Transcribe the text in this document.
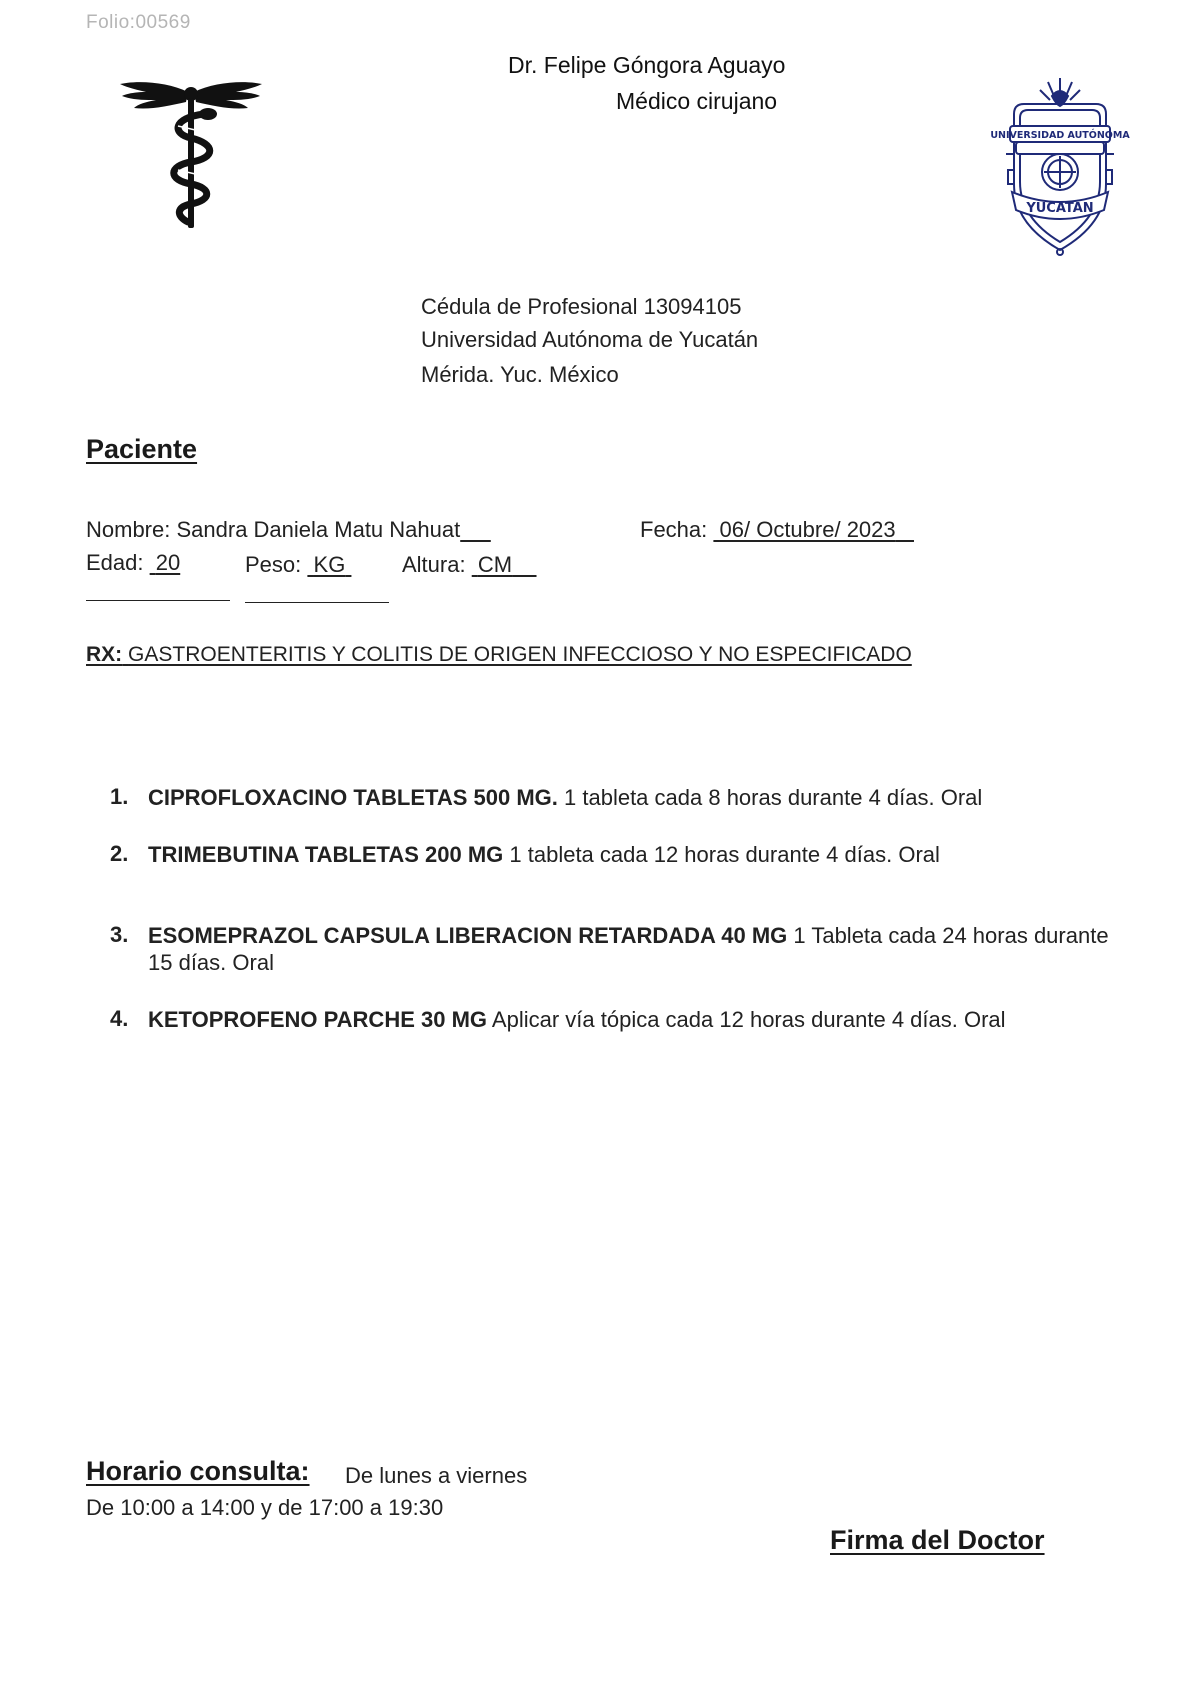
Folio:00569
Dr. Felipe Góngora Aguayo
Médico cirujano
UNIVERSIDAD AUTÓNOMA
YUCATÁN
Cédula de Profesional 13094105
Universidad Autónoma de Yucatán
Mérida. Yuc. México
Paciente
Nombre: Sandra Daniela Matu Nahuat	Fecha: 06/ Octubre/ 2023
Edad: 20	Peso: KG	Altura: CM
RX: GASTROENTERITIS Y COLITIS DE ORIGEN INFECCIOSO Y NO ESPECIFICADO
1. CIPROFLOXACINO TABLETAS 500 MG. 1 tableta cada 8 horas durante 4 días. Oral
2. TRIMEBUTINA TABLETAS 200 MG 1 tableta cada 12 horas durante 4 días. Oral
3. ESOMEPRAZOL CAPSULA LIBERACION RETARDADA 40 MG 1 Tableta cada 24 horas durante 15 días. Oral
4. KETOPROFENO PARCHE 30 MG Aplicar vía tópica cada 12 horas durante 4 días. Oral
Horario consulta: De lunes a viernes
De 10:00 a 14:00 y de 17:00 a 19:30
Firma del Doctor
